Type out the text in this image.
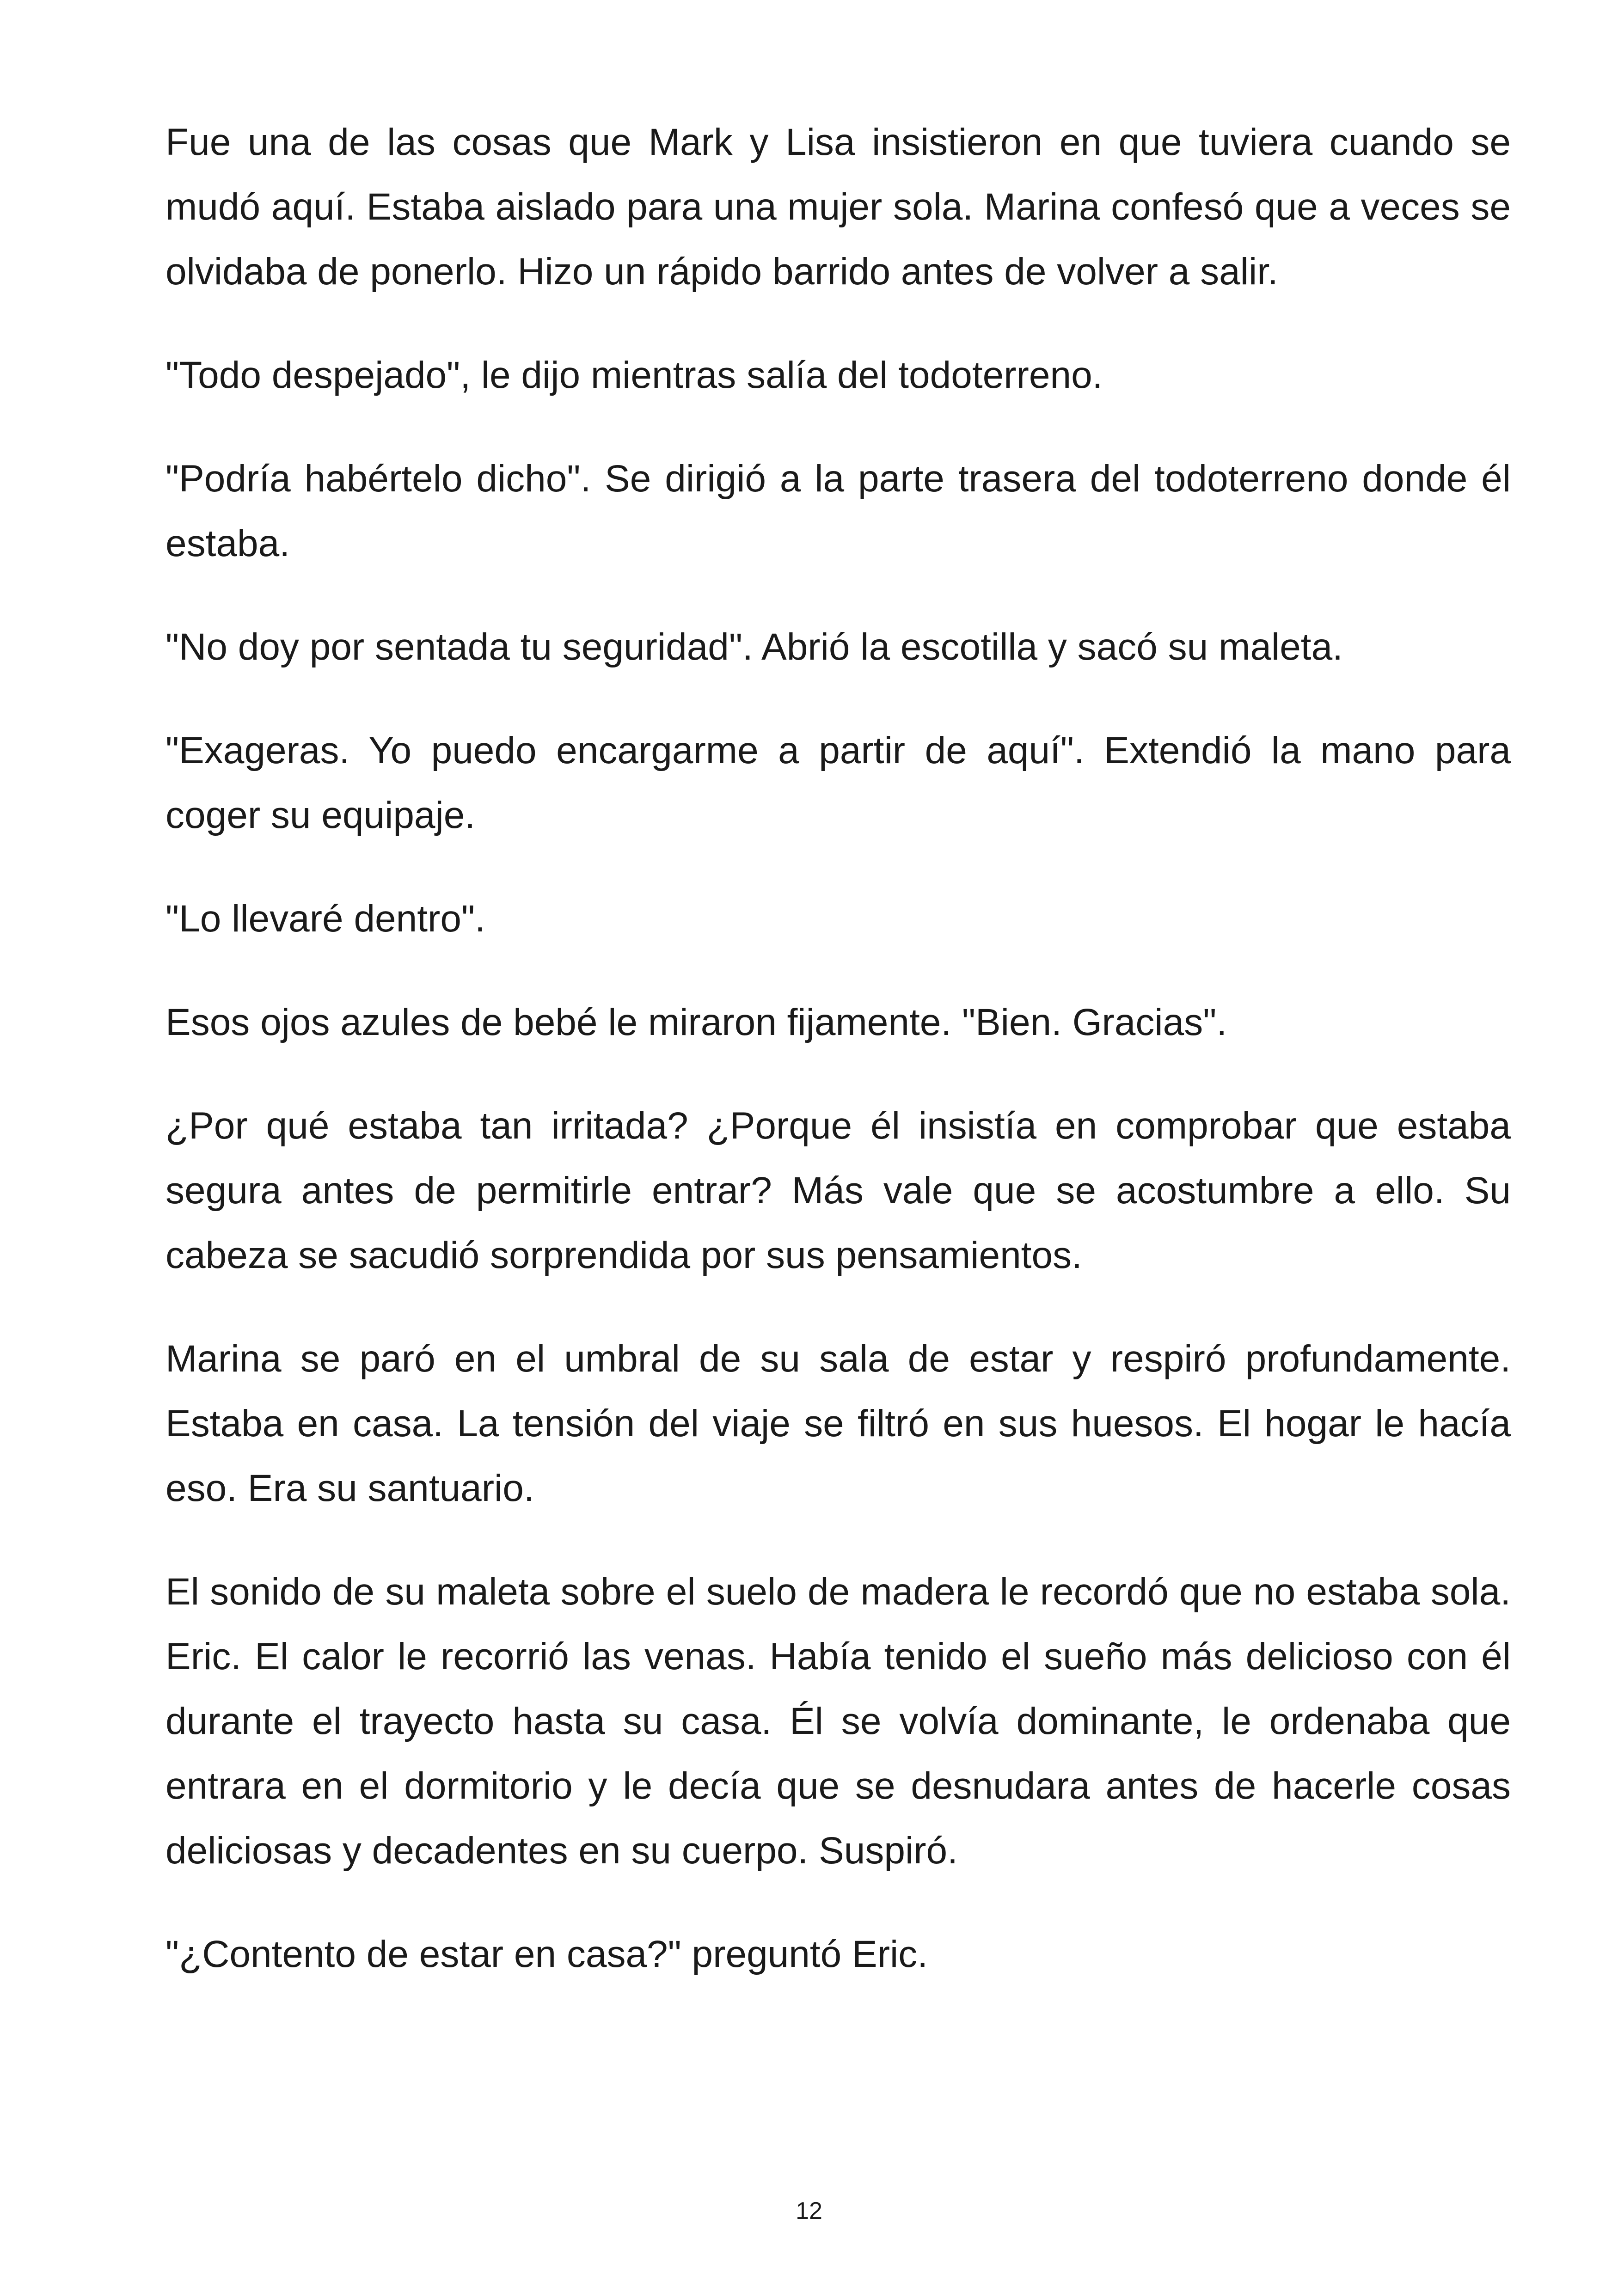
Fue una de las cosas que Mark y Lisa insistieron en que tuviera cuando se mudó aquí. Estaba aislado para una mujer sola. Marina confesó que a veces se olvidaba de ponerlo. Hizo un rápido barrido antes de volver a salir.

"Todo despejado", le dijo mientras salía del todoterreno.

"Podría habértelo dicho". Se dirigió a la parte trasera del todoterreno donde él estaba.

"No doy por sentada tu seguridad". Abrió la escotilla y sacó su maleta.

"Exageras. Yo puedo encargarme a partir de aquí". Extendió la mano para coger su equipaje.

"Lo llevaré dentro".

Esos ojos azules de bebé le miraron fijamente. "Bien. Gracias".

¿Por qué estaba tan irritada? ¿Porque él insistía en comprobar que estaba segura antes de permitirle entrar? Más vale que se acostumbre a ello. Su cabeza se sacudió sorprendida por sus pensamientos.

Marina se paró en el umbral de su sala de estar y respiró profundamente. Estaba en casa. La tensión del viaje se filtró en sus huesos. El hogar le hacía eso. Era su santuario.

El sonido de su maleta sobre el suelo de madera le recordó que no estaba sola. Eric. El calor le recorrió las venas. Había tenido el sueño más delicioso con él durante el trayecto hasta su casa. Él se volvía dominante, le ordenaba que entrara en el dormitorio y le decía que se desnudara antes de hacerle cosas deliciosas y decadentes en su cuerpo. Suspiró.

"¿Contento de estar en casa?" preguntó Eric.

12
